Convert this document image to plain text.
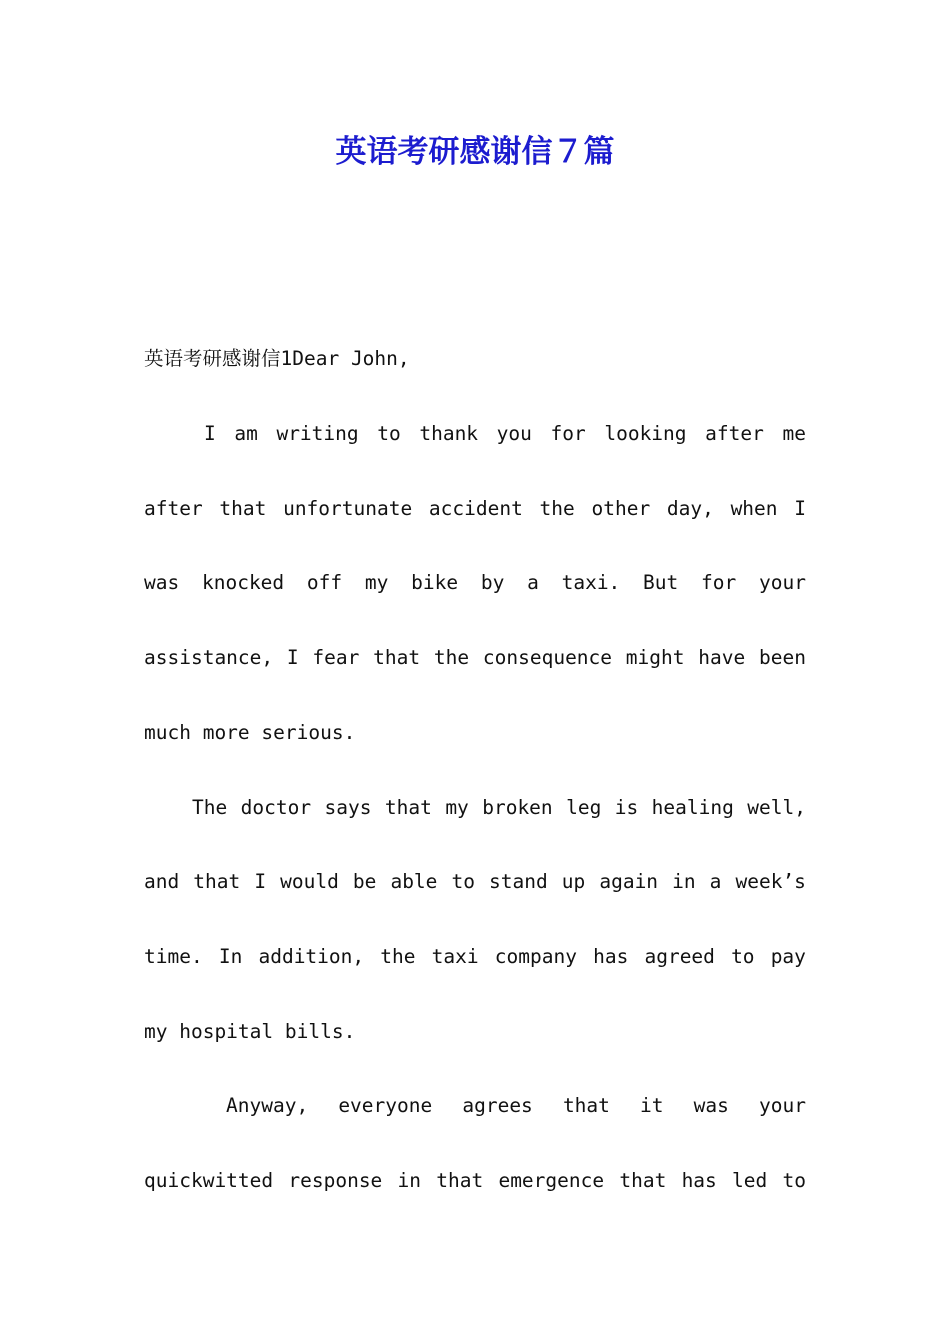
英语考研感谢信７篇
英语考研感谢信1Dear John,
I am writing to thank you for looking after me
after that unfortunate accident the other day, when I
was knocked off my bike by a taxi. But for your
assistance, I fear that the consequence might have been
much more serious.
The doctor says that my broken leg is healing well,
and that I would be able to stand up again in a week’s
time. In addition, the taxi company has agreed to pay
my hospital bills.
Anyway, everyone agrees that it was your
quickwitted response in that emergence that has led to
